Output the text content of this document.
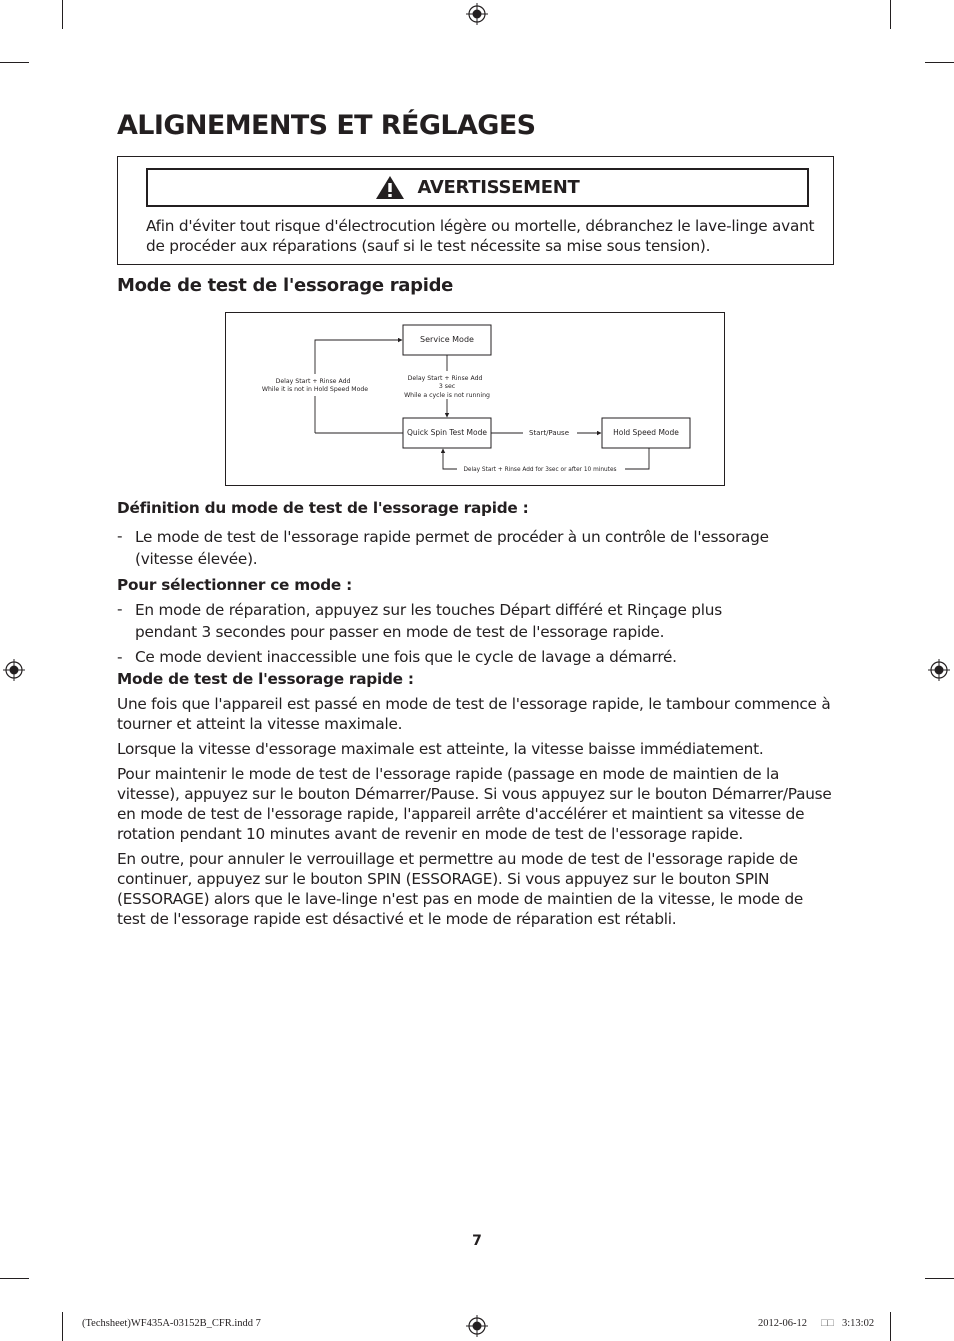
ALIGNEMENTS ET RÉGLAGES
AVERTISSEMENT

Afin d'éviter tout risque d'électrocution légère ou mortelle, débranchez le lave-linge avant de procéder aux réparations (sauf si le test nécessite sa mise sous tension).

Mode de test de l'essorage rapide
Service Mode
Quick Spin Test Mode	Hold Speed Mode
Delay Start + Rinse Add
While it is not in Hold Speed Mode
Delay Start + Rinse Add
3 sec
While a cycle is not running
Start/Pause
Delay Start + Rinse Add for 3sec or after 10 minutes

Définition du mode de test de l'essorage rapide :

- Le mode de test de l'essorage rapide permet de procéder à un contrôle de l'essorage (vitesse élevée).

Pour sélectionner ce mode :

- En mode de réparation, appuyez sur les touches Départ différé et Rinçage plus pendant 3 secondes pour passer en mode de test de l'essorage rapide.
- Ce mode devient inaccessible une fois que le cycle de lavage a démarré.

Mode de test de l'essorage rapide :

Une fois que l'appareil est passé en mode de test de l'essorage rapide, le tambour commence à tourner et atteint la vitesse maximale.

Lorsque la vitesse d'essorage maximale est atteinte, la vitesse baisse immédiatement.

Pour maintenir le mode de test de l'essorage rapide (passage en mode de maintien de la vitesse), appuyez sur le bouton Démarrer/Pause. Si vous appuyez sur le bouton Démarrer/Pause en mode de test de l'essorage rapide, l'appareil arrête d'accélérer et maintient sa vitesse de rotation pendant 10 minutes avant de revenir en mode de test de l'essorage rapide.

En outre, pour annuler le verrouillage et permettre au mode de test de l'essorage rapide de continuer, appuyez sur le bouton SPIN (ESSORAGE). Si vous appuyez sur le bouton SPIN (ESSORAGE) alors que le lave-linge n'est pas en mode de maintien de la vitesse, le mode de test de l'essorage rapide est désactivé et le mode de réparation est rétabli.

7
(Techsheet)WF435A-03152B_CFR.indd 7	2012-06-12 □□ 3:13:02
